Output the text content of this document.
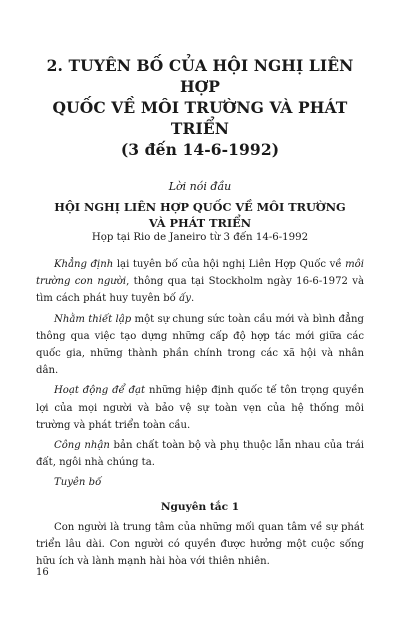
2. TUYÊN BỐ CỦA HỘI NGHỊ LIÊN HỢP
QUỐC VỀ MÔI TRƯỜNG VÀ PHÁT TRIỂN
(3 đến 14-6-1992)
Lời nói đầu
HỘI NGHỊ LIÊN HỢP QUỐC VỀ MÔI TRƯỜNG
VÀ PHÁT TRIỂN
Họp tại Rio de Janeiro từ 3 đến 14-6-1992

Khẳng định lại tuyên bố của hội nghị Liên Hợp Quốc về môi trường con người, thông qua tại Stockholm ngày 16-6-1972 và tìm cách phát huy tuyên bố ấy.

Nhằm thiết lập một sự chung sức toàn cầu mới và bình đẳng thông qua việc tạo dựng những cấp độ hợp tác mới giữa các quốc gia, những thành phần chính trong các xã hội và nhân dân.

Hoạt động để đạt những hiệp định quốc tế tôn trọng quyền lợi của mọi người và bảo vệ sự toàn vẹn của hệ thống môi trường và phát triển toàn cầu.

Công nhận bản chất toàn bộ và phụ thuộc lẫn nhau của trái đất, ngôi nhà chúng ta.

Tuyên bố

Nguyên tắc 1

Con người là trung tâm của những mối quan tâm về sự phát triển lâu dài. Con người có quyền được hưởng một cuộc sống hữu ích và lành mạnh hài hòa với thiên nhiên.

16
